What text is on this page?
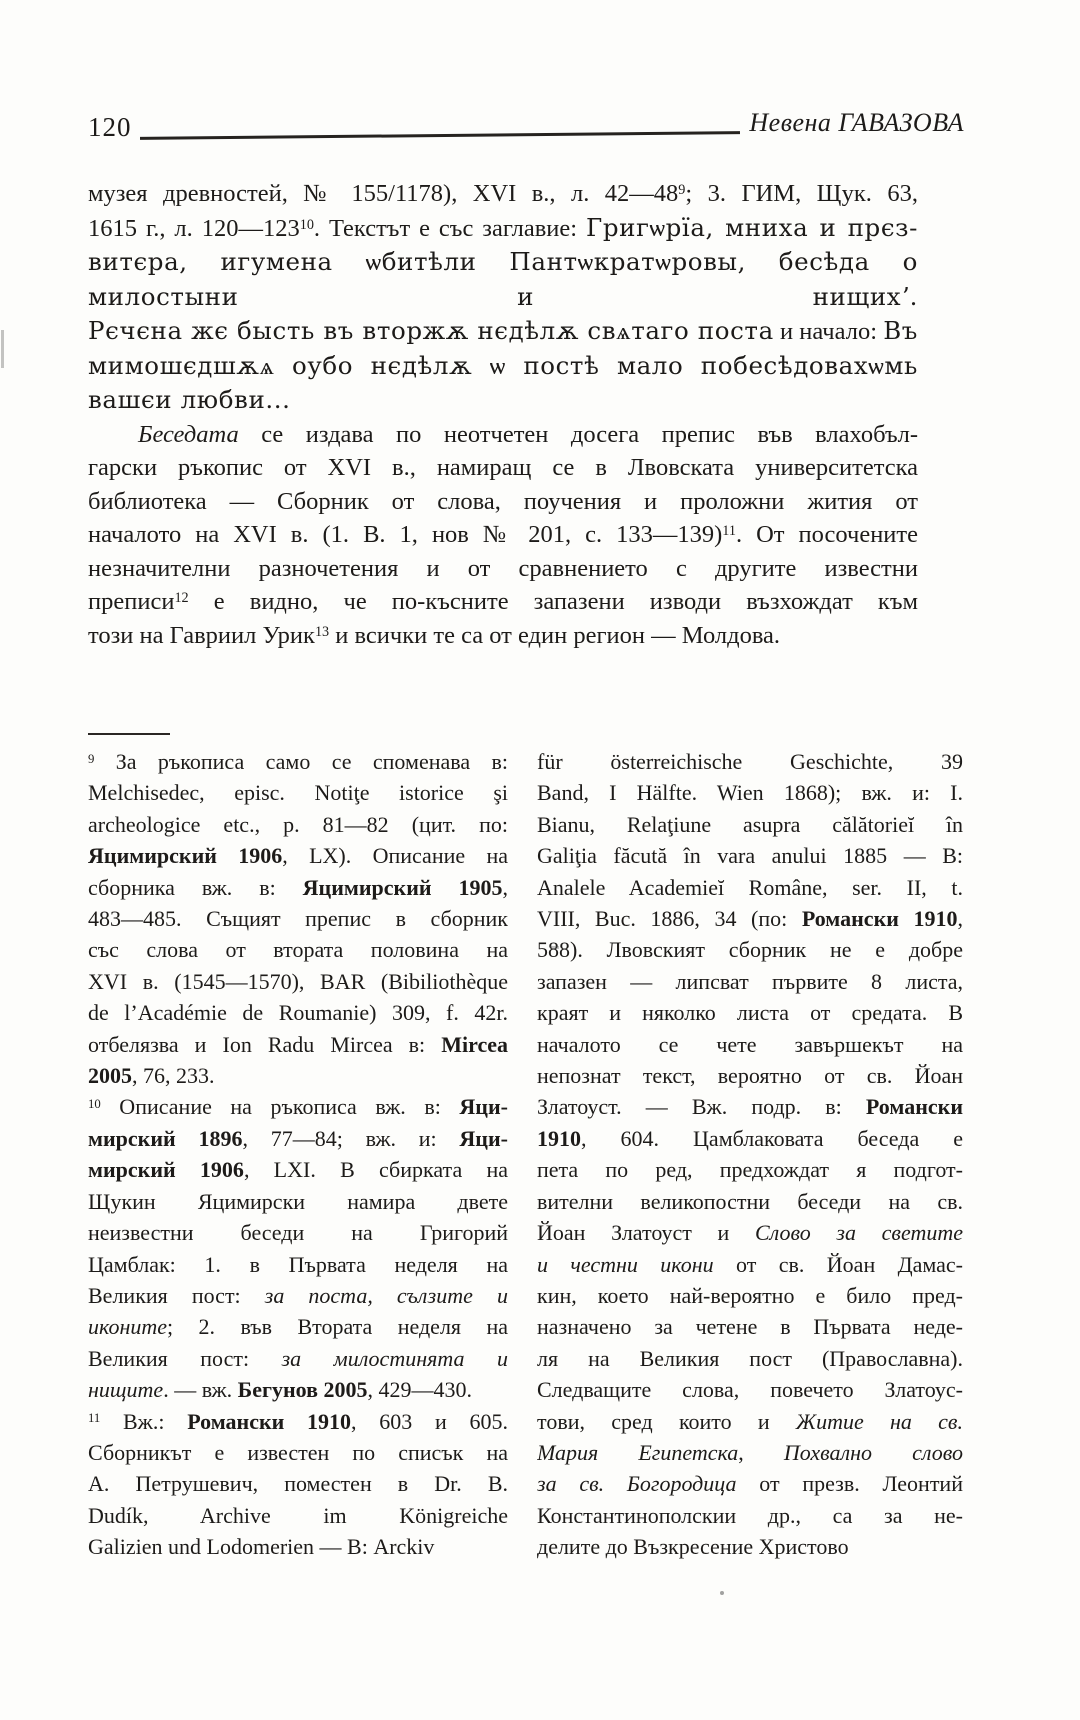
120	Невена ГАВАЗОВА
музея древностей, № 155/1178), XVI в., л. $42—48^9$; 3. ГИМ, Щук. 63,
1615 г., л. $120—123^{10}$. Текстът е със заглавие: Григѡрїа, мниха и прєз-
витєра, игумена ѡбитѣли Пантѡкратѡровы, бесѣда о милостыни и нищихʼ.
Рєчєна жє бысть въ вторжѫ нєдѣлѫ свѧтаго поста и начало: Въ
мимошєдшѫѧ оубо нєдѣлѫ ѡ постѣ мало побесѣдовахѡмь вашєи любви...
Беседата се издава по неотчетен досега препис във влахобъл-
гарски ръкопис от XVI в., намиращ се в Лвовската университетска
библиотека — Сборник от слова, поучения и проложни жития от
началото на XVI в. (1. В. 1, нов № 201, с. 133—139)$^{11}$. От посочените
незначителни разночетения и от сравнението с другите известни
преписи$^{12}$ е видно, че по-късните запазени изводи възхождат към
този на Гавриил Урик$^{13}$ и всички те са от един регион — Молдова.
$^9$ За ръкописа само се споменава в:
Melchisedec, episc. Notiţe istorice şi
archeologice etc., p. 81—82 (цит. по:
Яцимирский 1906, LX). Описание на
сборника вж. в: Яцимирский 1905,
483—485. Същият препис в сборник
със слова от втората половина на
XVI в. (1545—1570), BAR (Bibiliothèque
de l’Académie de Roumanie) 309, f. 42r.
отбелязва и Ion Radu Mircea в: Mircea
2005, 76, 233.
$^{10}$ Описание на ръкописа вж. в: Яци-
мирский 1896, 77—84; вж. и: Яци-
мирский 1906, LXI. В сбирката на
Щукин Яцимирски намира двете
неизвестни беседи на Григорий
Цамблак: 1. в Първата неделя на
Великия пост: за поста, сълзите и
иконите; 2. във Втората неделя на
Великия пост: за милостинята и
нищите. — вж. Бегунов 2005, 429—430.
$^{11}$ Вж.: Романски 1910, 603 и 605.
Сборникът е известен по списък на
А. Петрушевич, поместен в Dr. B.
Dudík, Archive im Königreiche
Galizien und Lodomerien — В: Arckiv
für österreichische Geschichte, 39
Band, I Hälfte. Wien 1868); вж. и: I.
Bianu, Relaţiune asupra călătorieĭ în
Galiţia făcută în vara anului 1885 — В:
Analele Academieĭ Române, ser. II, t.
VIII, Buc. 1886, 34 (по: Романски 1910,
588). Лвовският сборник не е добре
запазен — липсват първите 8 листа,
краят и няколко листа от средата. В
началото се чете завършекът на
непознат текст, вероятно от св. Йоан
Златоуст. — Вж. подр. в: Романски
1910, 604. Цамблаковата беседа е
пета по ред, предхождат я подгот-
вителни великопостни беседи на св.
Йоан Златоуст и Слово за светите
и честни икони от св. Йоан Дамас-
кин, което най-вероятно е било пред-
назначено за четене в Първата неде-
ля на Великия пост (Православна).
Следващите слова, повечето Златоус-
тови, сред които и Житие на св.
Мария Египетска, Похвално слово
за св. Богородица от презв. Леонтий
Константинополскии др., са за не-
делите до Възкресение Христово
